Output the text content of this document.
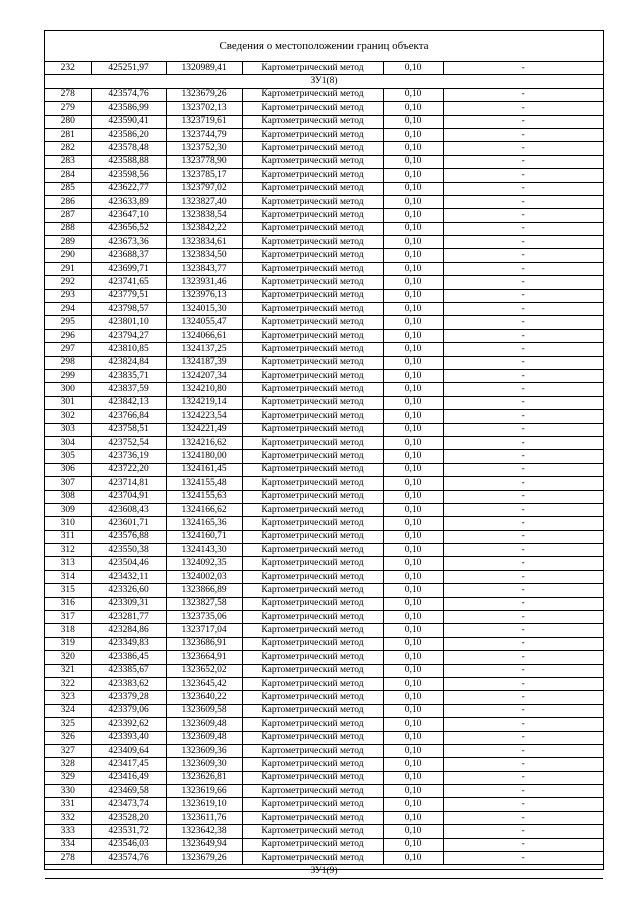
Сведения о местоположении границ объекта
232	425251,97	1320989,41	Картометрический метод	0,10	-
ЗУ1(8)					
278	423574,76	1323679,26	Картометрический метод	0,10	-
279	423586,99	1323702,13	Картометрический метод	0,10	-
280	423590,41	1323719,61	Картометрический метод	0,10	-
281	423586,20	1323744,79	Картометрический метод	0,10	-
282	423578,48	1323752,30	Картометрический метод	0,10	-
283	423588,88	1323778,90	Картометрический метод	0,10	-
284	423598,56	1323785,17	Картометрический метод	0,10	-
285	423622,77	1323797,02	Картометрический метод	0,10	-
286	423633,89	1323827,40	Картометрический метод	0,10	-
287	423647,10	1323838,54	Картометрический метод	0,10	-
288	423656,52	1323842,22	Картометрический метод	0,10	-
289	423673,36	1323834,61	Картометрический метод	0,10	-
290	423688,37	1323834,50	Картометрический метод	0,10	-
291	423699,71	1323843,77	Картометрический метод	0,10	-
292	423741,65	1323931,46	Картометрический метод	0,10	-
293	423779,51	1323976,13	Картометрический метод	0,10	-
294	423798,57	1324015,30	Картометрический метод	0,10	-
295	423801,10	1324055,47	Картометрический метод	0,10	-
296	423794,27	1324066,61	Картометрический метод	0,10	-
297	423810,85	1324137,25	Картометрический метод	0,10	-
298	423824,84	1324187,39	Картометрический метод	0,10	-
299	423835,71	1324207,34	Картометрический метод	0,10	-
300	423837,59	1324210,80	Картометрический метод	0,10	-
301	423842,13	1324219,14	Картометрический метод	0,10	-
302	423766,84	1324223,54	Картометрический метод	0,10	-
303	423758,51	1324221,49	Картометрический метод	0,10	-
304	423752,54	1324216,62	Картометрический метод	0,10	-
305	423736,19	1324180,00	Картометрический метод	0,10	-
306	423722,20	1324161,45	Картометрический метод	0,10	-
307	423714,81	1324155,48	Картометрический метод	0,10	-
308	423704,91	1324155,63	Картометрический метод	0,10	-
309	423608,43	1324166,62	Картометрический метод	0,10	-
310	423601,71	1324165,36	Картометрический метод	0,10	-
311	423576,88	1324160,71	Картометрический метод	0,10	-
312	423550,38	1324143,30	Картометрический метод	0,10	-
313	423504,46	1324092,35	Картометрический метод	0,10	-
314	423432,11	1324002,03	Картометрический метод	0,10	-
315	423326,60	1323866,89	Картометрический метод	0,10	-
316	423309,31	1323827,58	Картометрический метод	0,10	-
317	423281,77	1323735,06	Картометрический метод	0,10	-
318	423284,86	1323717,04	Картометрический метод	0,10	-
319	423349,83	1323686,91	Картометрический метод	0,10	-
320	423386,45	1323664,91	Картометрический метод	0,10	-
321	423385,67	1323652,02	Картометрический метод	0,10	-
322	423383,62	1323645,42	Картометрический метод	0,10	-
323	423379,28	1323640,22	Картометрический метод	0,10	-
324	423379,06	1323609,58	Картометрический метод	0,10	-
325	423392,62	1323609,48	Картометрический метод	0,10	-
326	423393,40	1323609,48	Картометрический метод	0,10	-
327	423409,64	1323609,36	Картометрический метод	0,10	-
328	423417,45	1323609,30	Картометрический метод	0,10	-
329	423416,49	1323626,81	Картометрический метод	0,10	-
330	423469,58	1323619,66	Картометрический метод	0,10	-
331	423473,74	1323619,10	Картометрический метод	0,10	-
332	423528,20	1323611,76	Картометрический метод	0,10	-
333	423531,72	1323642,38	Картометрический метод	0,10	-
334	423546,03	1323649,94	Картометрический метод	0,10	-
278	423574,76	1323679,26	Картометрический метод	0,10	-
ЗУ1(9)					
